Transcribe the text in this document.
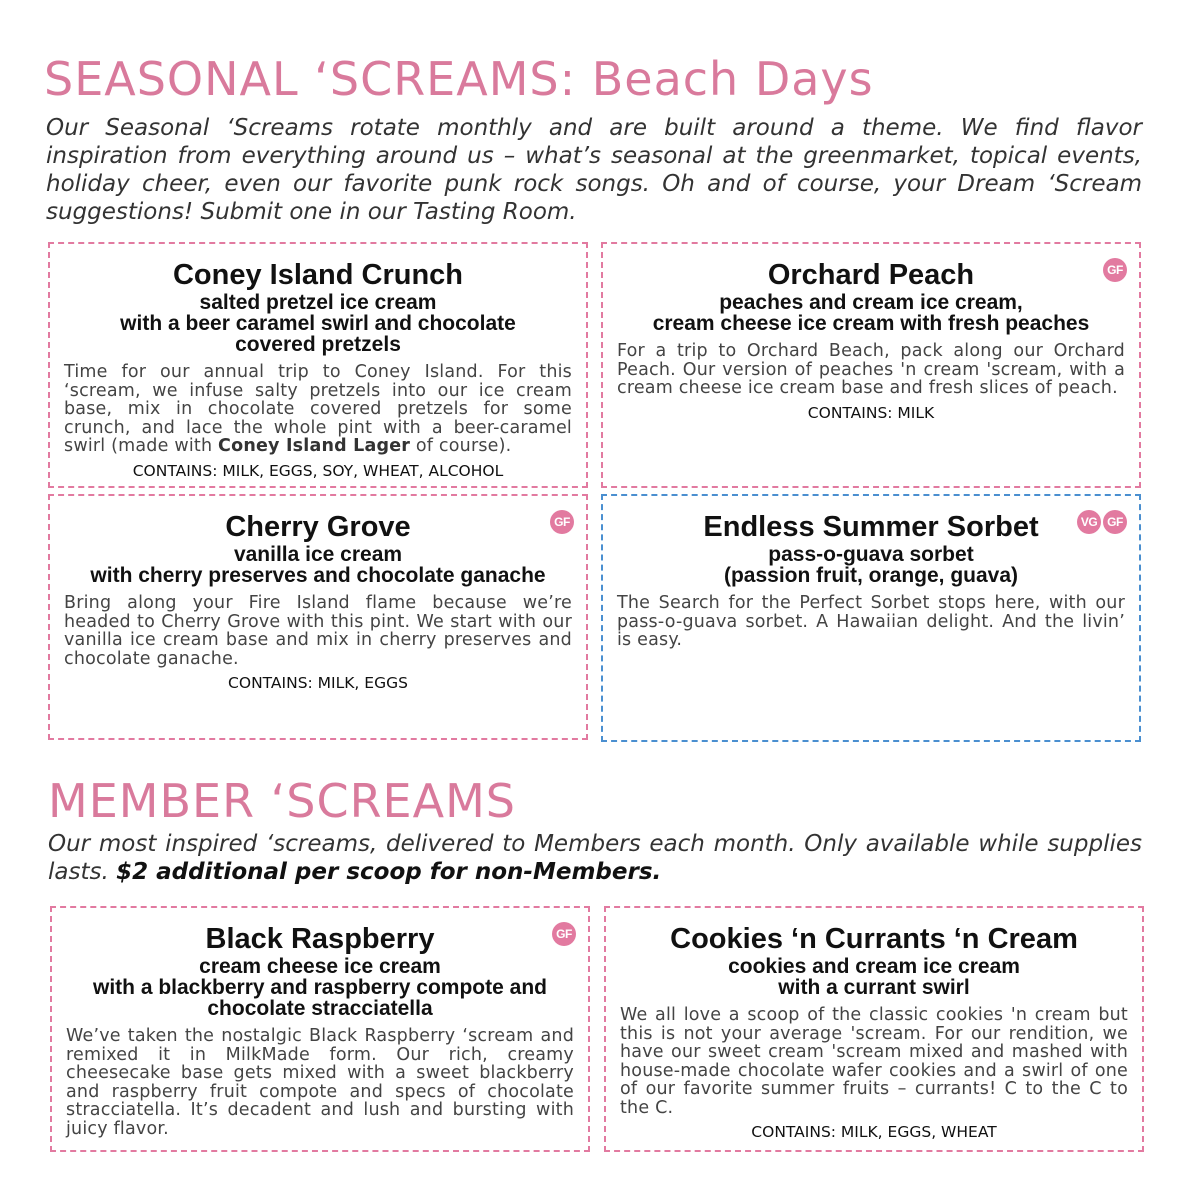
SEASONAL ‘SCREAMS: Beach Days
Our Seasonal ‘Screams rotate monthly and are built around a theme. We find flavor inspiration from everything around us – what’s seasonal at the greenmarket, topical events, holiday cheer, even our favorite punk rock songs. Oh and of course, your Dream ‘Scream suggestions! Submit one in our Tasting Room.
Coney Island Crunch
salted pretzel ice cream
with a beer caramel swirl and chocolate
covered pretzels
Time for our annual trip to Coney Island. For this ‘scream, we infuse salty pretzels into our ice cream base, mix in chocolate covered pretzels for some crunch, and lace the whole pint with a beer-caramel swirl (made with Coney Island Lager of course).
CONTAINS: MILK, EGGS, SOY, WHEAT, ALCOHOL
GF
Orchard Peach
peaches and cream ice cream,
cream cheese ice cream with fresh peaches
For a trip to Orchard Beach, pack along our Orchard Peach. Our version of peaches 'n cream 'scream, with a cream cheese ice cream base and fresh slices of peach.
CONTAINS: MILK
GF
Cherry Grove
vanilla ice cream
with cherry preserves and chocolate ganache
Bring along your Fire Island flame because we’re headed to Cherry Grove with this pint. We start with our vanilla ice cream base and mix in cherry preserves and chocolate ganache.
CONTAINS: MILK, EGGS
VG GF
Endless Summer Sorbet
pass-o-guava sorbet
(passion fruit, orange, guava)
The Search for the Perfect Sorbet stops here, with our pass-o-guava sorbet. A Hawaiian delight. And the livin’ is easy.
MEMBER ‘SCREAMS
Our most inspired ‘screams, delivered to Members each month. Only available while supplies lasts. $2 additional per scoop for non-Members.
GF
Black Raspberry
cream cheese ice cream
with a blackberry and raspberry compote and
chocolate stracciatella
We’ve taken the nostalgic Black Raspberry ‘scream and remixed it in MilkMade form. Our rich, creamy cheesecake base gets mixed with a sweet blackberry and raspberry fruit compote and specs of chocolate stracciatella. It’s decadent and lush and bursting with juicy flavor.
Cookies ‘n Currants ‘n Cream
cookies and cream ice cream
with a currant swirl
We all love a scoop of the classic cookies 'n cream but this is not your average 'scream. For our rendition, we have our sweet cream 'scream mixed and mashed with house-made chocolate wafer cookies and a swirl of one of our favorite summer fruits – currants! C to the C to the C.
CONTAINS: MILK, EGGS, WHEAT
